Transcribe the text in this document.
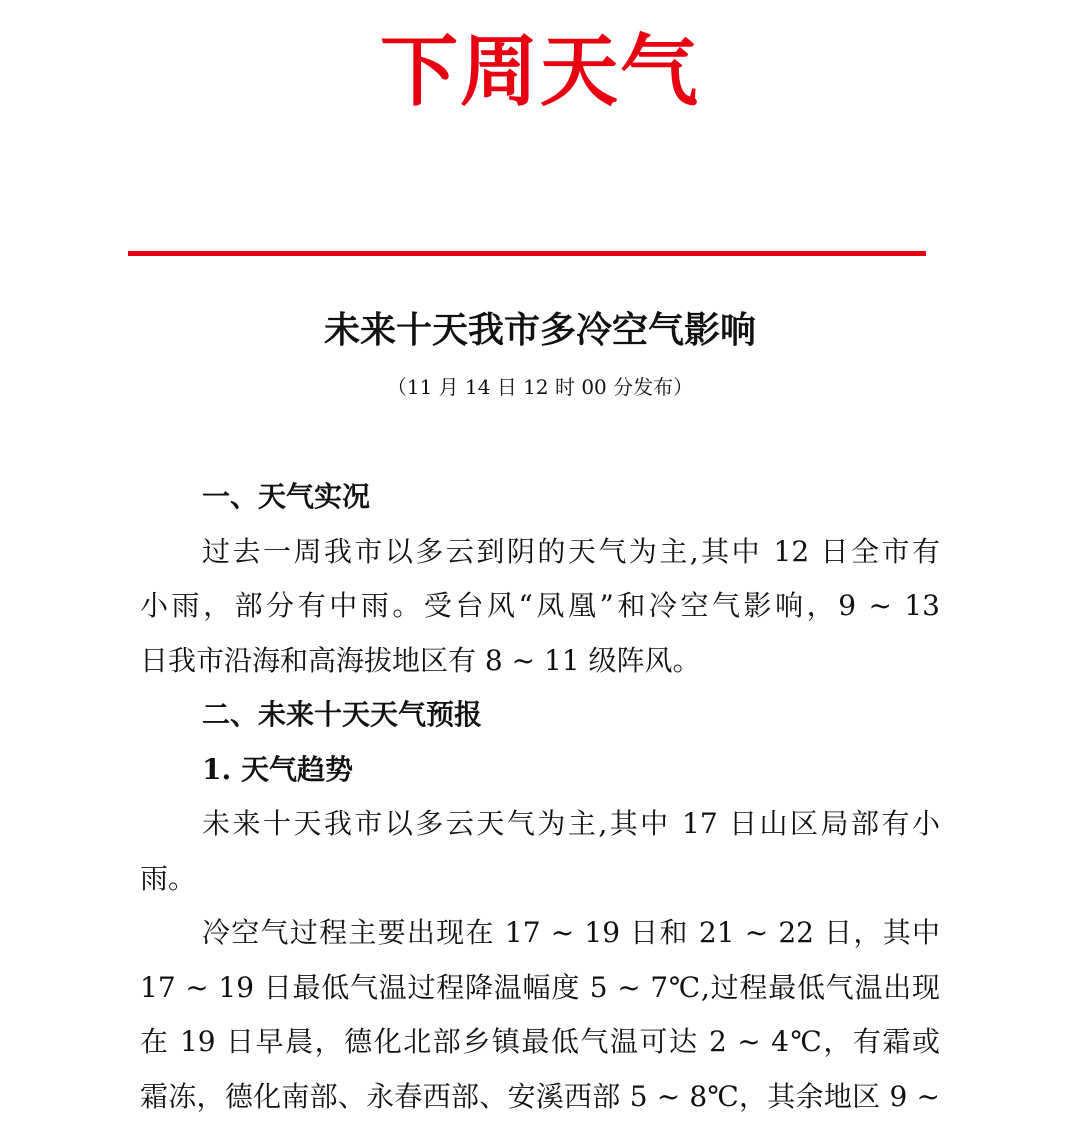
下周天气
未来十天我市多冷空气影响
（11 月 14 日 12 时 00 分发布）
一、天气实况
过去一周我市以多云到阴的天气为主,其中 12 日全市有
小雨，部分有中雨。受台风“凤凰”和冷空气影响，9 ~ 13
日我市沿海和高海拔地区有 8 ~ 11 级阵风。
二、未来十天天气预报
1. 天气趋势
未来十天我市以多云天气为主,其中 17 日山区局部有小
雨。
冷空气过程主要出现在 17 ~ 19 日和 21 ~ 22 日，其中
17 ~ 19 日最低气温过程降温幅度 5 ~ 7℃,过程最低气温出现
在 19 日早晨，德化北部乡镇最低气温可达 2 ~ 4℃，有霜或
霜冻，德化南部、永春西部、安溪西部 5 ~ 8℃，其余地区 9 ~
